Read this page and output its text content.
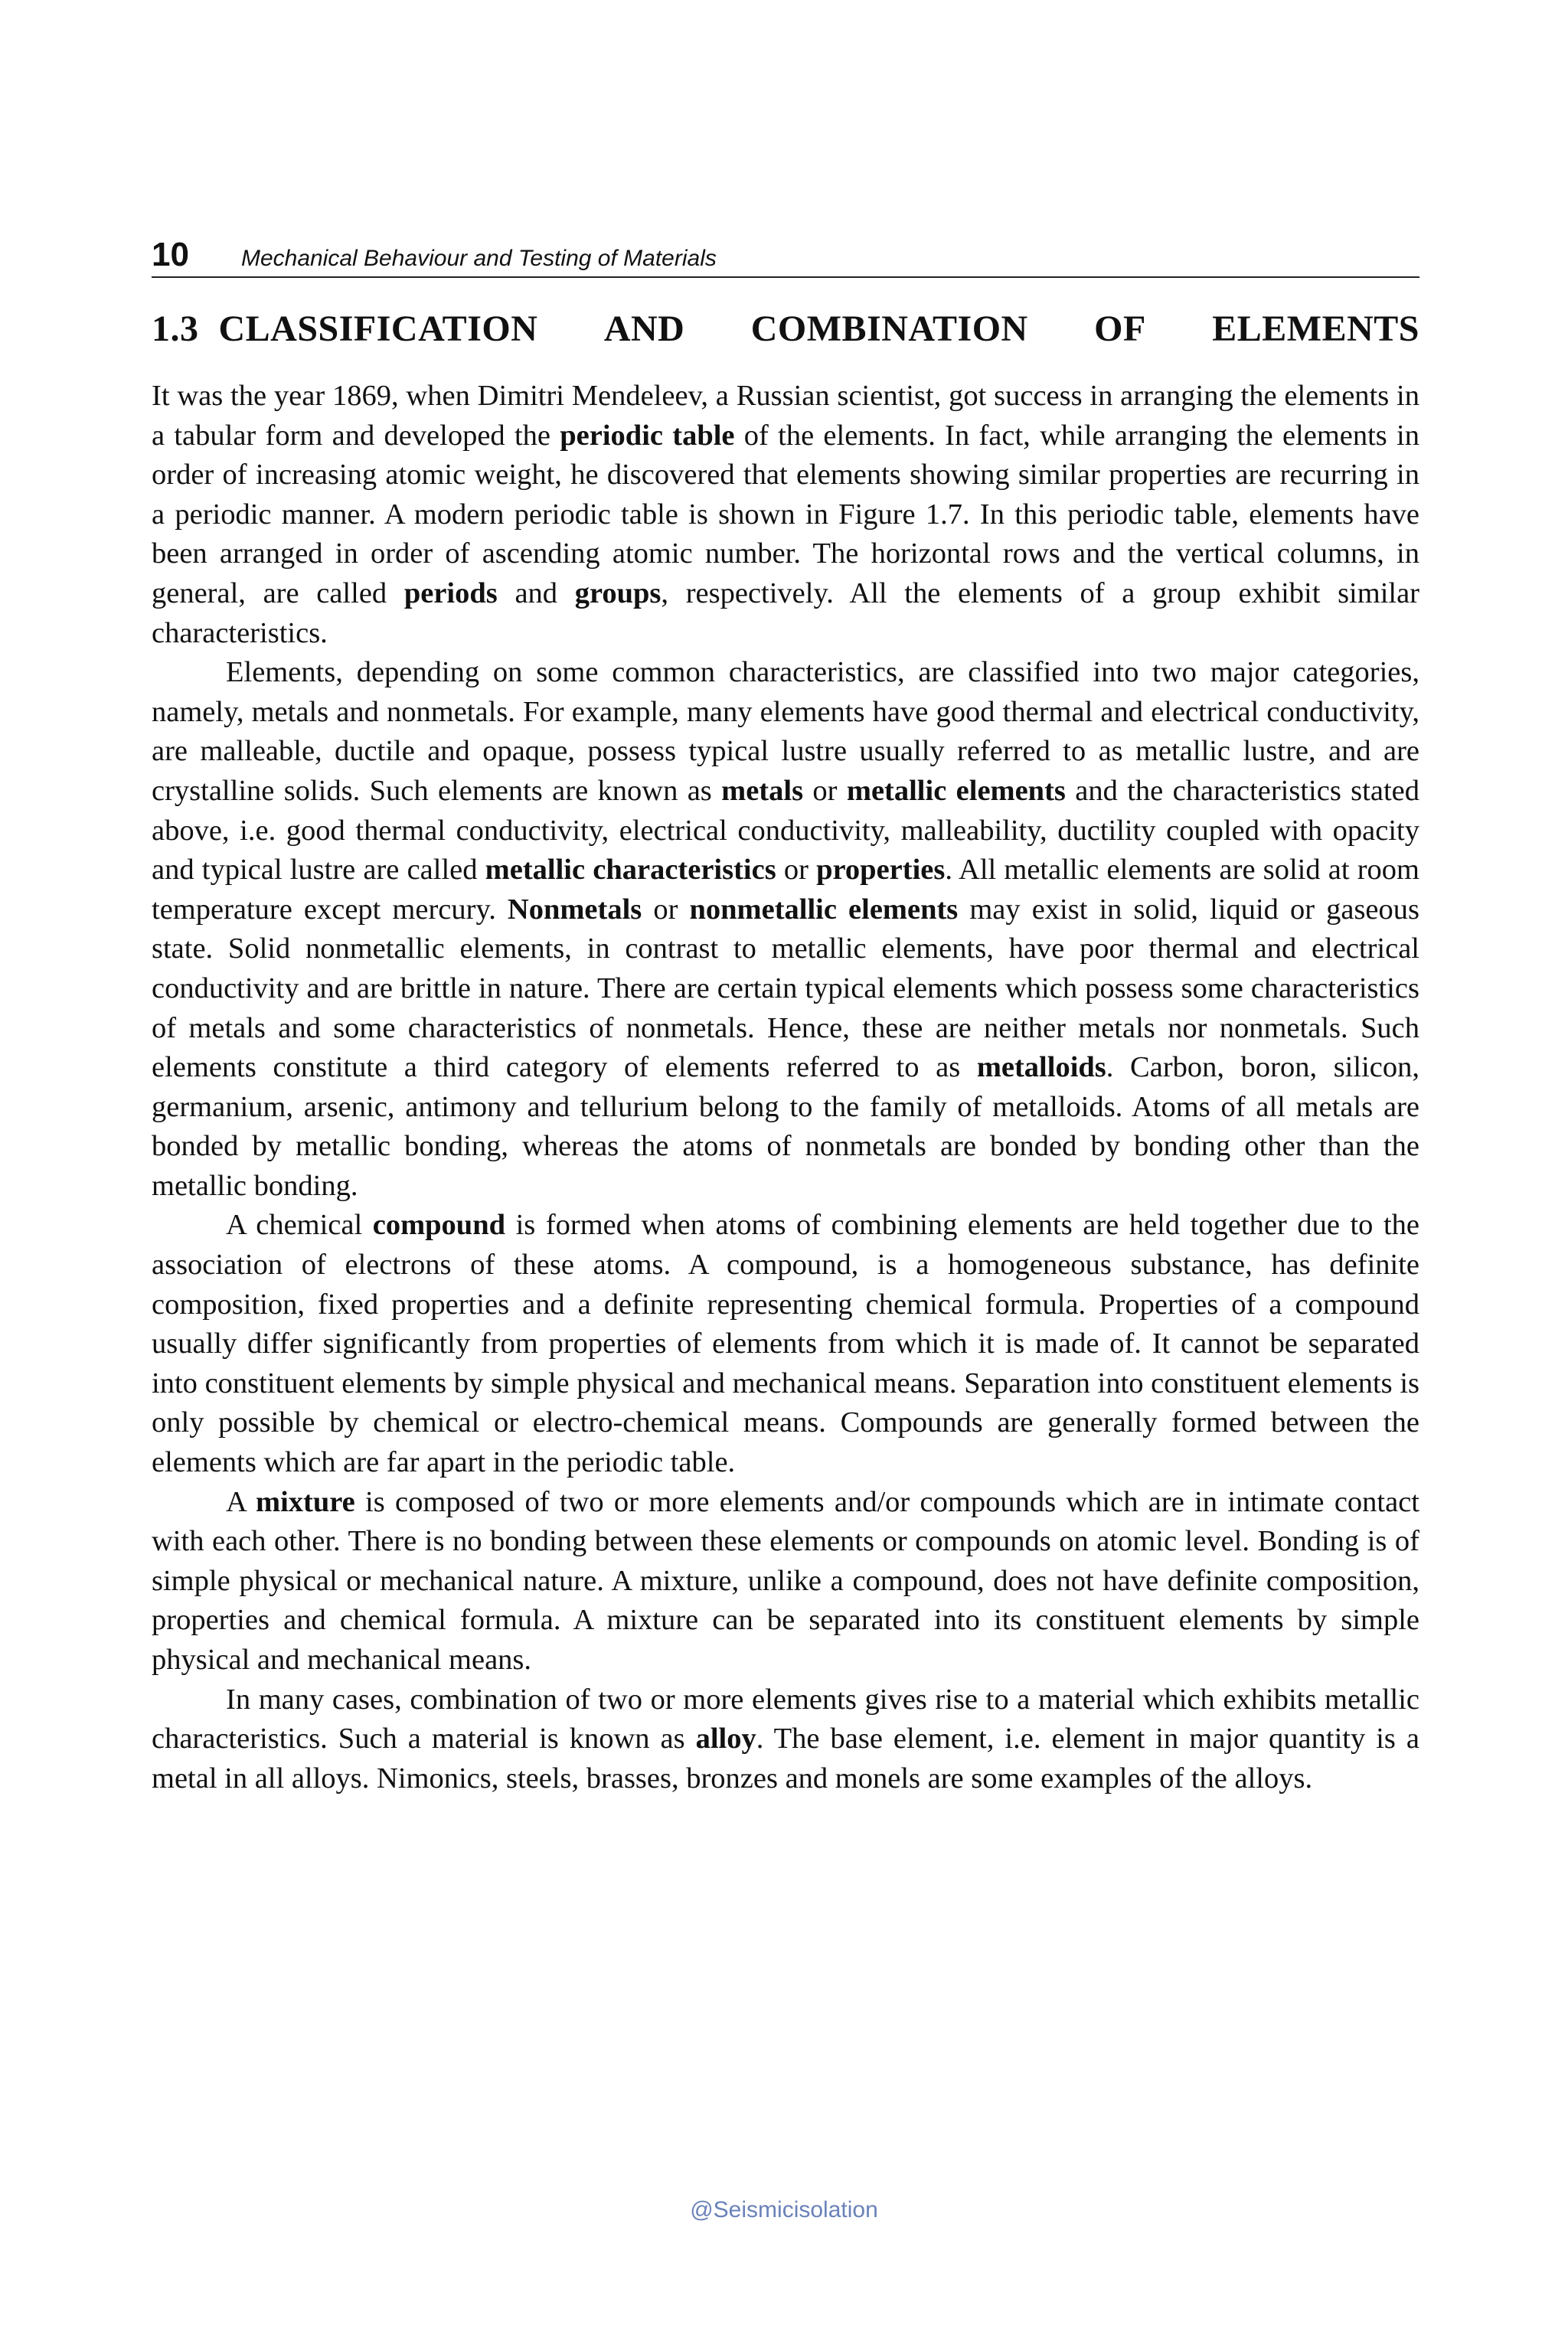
10 Mechanical Behaviour and Testing of Materials
1.3 CLASSIFICATION AND COMBINATION OF ELEMENTS

It was the year 1869, when Dimitri Mendeleev, a Russian scientist, got success in arranging the elements in a tabular form and developed the periodic table of the elements. In fact, while arranging the elements in order of increasing atomic weight, he discovered that elements showing similar properties are recurring in a periodic manner. A modern periodic table is shown in Figure 1.7. In this periodic table, elements have been arranged in order of ascending atomic number. The horizontal rows and the vertical columns, in general, are called periods and groups, respectively. All the elements of a group exhibit similar characteristics.

Elements, depending on some common characteristics, are classified into two major categories, namely, metals and nonmetals. For example, many elements have good thermal and electrical conductivity, are malleable, ductile and opaque, possess typical lustre usually referred to as metallic lustre, and are crystalline solids. Such elements are known as metals or metallic elements and the characteristics stated above, i.e. good thermal conductivity, electrical conductivity, malleability, ductility coupled with opacity and typical lustre are called metallic characteristics or properties. All metallic elements are solid at room temperature except mercury. Nonmetals or nonmetallic elements may exist in solid, liquid or gaseous state. Solid nonmetallic elements, in contrast to metallic elements, have poor thermal and electrical conductivity and are brittle in nature. There are certain typical elements which possess some characteristics of metals and some characteristics of nonmetals. Hence, these are neither metals nor nonmetals. Such elements constitute a third category of elements referred to as metalloids. Carbon, boron, silicon, germanium, arsenic, antimony and tellurium belong to the family of metalloids. Atoms of all metals are bonded by metallic bonding, whereas the atoms of nonmetals are bonded by bonding other than the metallic bonding.

A chemical compound is formed when atoms of combining elements are held together due to the association of electrons of these atoms. A compound, is a homogeneous substance, has definite composition, fixed properties and a definite representing chemical formula. Properties of a compound usually differ significantly from properties of elements from which it is made of. It cannot be separated into constituent elements by simple physical and mechanical means. Separation into constituent elements is only possible by chemical or electro-chemical means. Compounds are generally formed between the elements which are far apart in the periodic table.

A mixture is composed of two or more elements and/or compounds which are in intimate contact with each other. There is no bonding between these elements or compounds on atomic level. Bonding is of simple physical or mechanical nature. A mixture, unlike a compound, does not have definite composition, properties and chemical formula. A mixture can be separated into its constituent elements by simple physical and mechanical means.

In many cases, combination of two or more elements gives rise to a material which exhibits metallic characteristics. Such a material is known as alloy. The base element, i.e. element in major quantity is a metal in all alloys. Nimonics, steels, brasses, bronzes and monels are some examples of the alloys.

@Seismicisolation
